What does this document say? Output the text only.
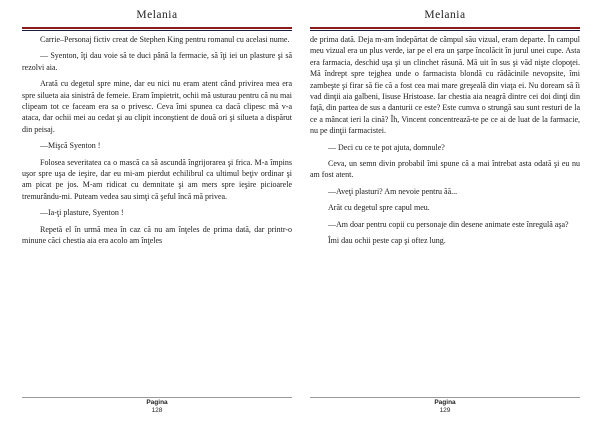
Melania

Carrie–Personaj fictiv creat de Stephen King pentru romanul cu acelasi nume.

— Syenton, îţi dau voie să te duci până la fermacie, să îţi iei un plasture şi să rezolvi aia.

Arată cu degetul spre mine, dar eu nici nu eram atent când privirea mea era spre silueta aia sinistră de femeie. Eram împietrit, ochii mă usturau pentru că nu mai clipeam tot ce faceam era sa o privesc. Ceva îmi spunea ca dacă clipesc mă v-a ataca, dar ochii mei au cedat şi au clipit inconştient de două ori şi silueta a dispărut din peisaj.

—Mişcă Syenton !

Folosea severitatea ca o mască ca să ascundă îngrijorarea şi frica. M-a împins uşor spre uşa de ieşire, dar eu mi-am pierdut echilibrul ca ultimul beţiv ordinar şi am picat pe jos. M-am ridicat cu demnitate şi am mers spre ieşire picioarele tremurându-mi. Puteam vedea sau simţi că şeful încă mă privea.

—Ia-ţi plasture, Syenton !

Repetă el în urmă mea în caz că nu am înţeles de prima dată, dar printr-o minune căci chestia aia era acolo am înţeles

Pagina
128
Melania

de prima dată. Deja m-am îndepărtat de câmpul său vizual, eram departe. În campul meu vizual era un plus verde, iar pe el era un şarpe încolăcit în jurul unei cupe. Asta era farmacia, deschid uşa şi un clinchet răsună. Mă uit în sus şi văd nişte clopoţei. Mă îndrept spre tejghea unde o farmacista blondă cu rădăcinile nevopsite, îmi zambeşte şi firar să fie că a fost cea mai mare greşeală din viaţa ei. Nu doream să îi vad dinţii aia galbeni, Iisuse Hristoase. Iar chestia aia neagră dintre cei doi dinţi din faţă, din partea de sus a danturii ce este? Este cumva o strungă sau sunt resturi de la ce a mâncat ieri la cină? Îh, Vincent concentrează-te pe ce ai de luat de la farmacie, nu pe dinţii farmacistei.

— Deci cu ce te pot ajuta, domnule?

Ceva, un semn divin probabil îmi spune că a mai întrebat asta odată şi eu nu am fost atent.

—Aveţi plasturi? Am nevoie pentru ăă...

Arăt cu degetul spre capul meu.

—Am doar pentru copii cu personaje din desene animate este înregulă aşa?

Îmi dau ochii peste cap şi oftez lung.

Pagina
129
